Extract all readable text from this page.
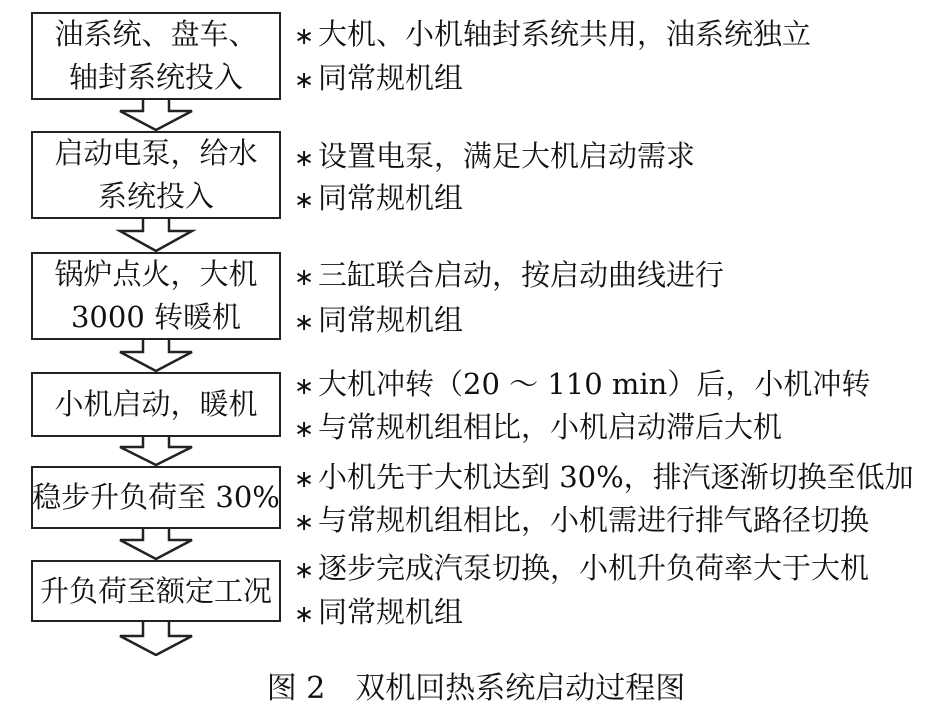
油系统、盘车、
轴封系统投入
启动电泵，给水
系统投入
锅炉点火，大机
3000 转暖机
小机启动，暖机
稳步升负荷至 30%
升负荷至额定工况
∗ 大机、小机轴封系统共用，油系统独立
∗ 同常规机组
∗ 设置电泵，满足大机启动需求
∗ 同常规机组
∗ 三缸联合启动，按启动曲线进行
∗ 同常规机组
∗ 大机冲转（20 ～ 110 min）后，小机冲转
∗ 与常规机组相比，小机启动滞后大机
∗ 小机先于大机达到 30%，排汽逐渐切换至低加
∗ 与常规机组相比，小机需进行排气路径切换
∗ 逐步完成汽泵切换，小机升负荷率大于大机
∗ 同常规机组
图 2　双机回热系统启动过程图
